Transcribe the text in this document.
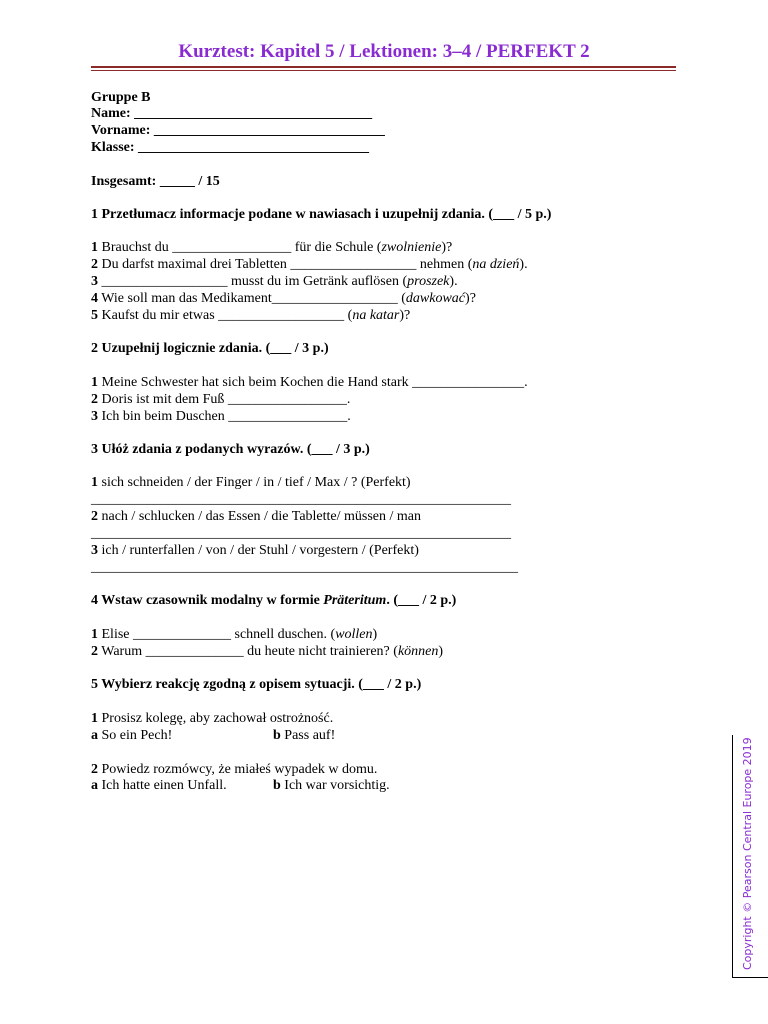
Kurztest: Kapitel 5 / Lektionen: 3–4 / PERFEKT 2
Gruppe B
Name: __________________________________
Vorname: _________________________________
Klasse: _________________________________
Insgesamt: _____ / 15
1 Przetłumacz informacje podane w nawiasach i uzupełnij zdania. (___ / 5 p.)
1 Brauchst du _________________ für die Schule (zwolnienie)?
2 Du darfst maximal drei Tabletten __________________ nehmen (na dzień).
3 __________________ musst du im Getränk auflösen (proszek).
4 Wie soll man das Medikament__________________ (dawkować)?
5 Kaufst du mir etwas __________________ (na katar)?
2 Uzupełnij logicznie zdania. (___ / 3 p.)
1 Meine Schwester hat sich beim Kochen die Hand stark ________________.
2 Doris ist mit dem Fuß _________________.
3 Ich bin beim Duschen _________________.
3 Ułóż zdania z podanych wyrazów. (___ / 3 p.)
1 sich schneiden / der Finger / in / tief / Max / ? (Perfekt)
____________________________________________________________
2 nach / schlucken / das Essen / die Tablette/ müssen / man
____________________________________________________________
3 ich / runterfallen / von / der Stuhl / vorgestern / (Perfekt)
_____________________________________________________________
4 Wstaw czasownik modalny w formie Präteritum. (___ / 2 p.)
1 Elise ______________ schnell duschen. (wollen)
2 Warum ______________ du heute nicht trainieren? (können)
5 Wybierz reakcję zgodną z opisem sytuacji. (___ / 2 p.)
1 Prosisz kolegę, aby zachował ostrożność.
a So ein Pech!	b Pass auf!
2 Powiedz rozmówcy, że miałeś wypadek w domu.
a Ich hatte einen Unfall.	b Ich war vorsichtig.	Copyright © Pearson Central Europe 2019
